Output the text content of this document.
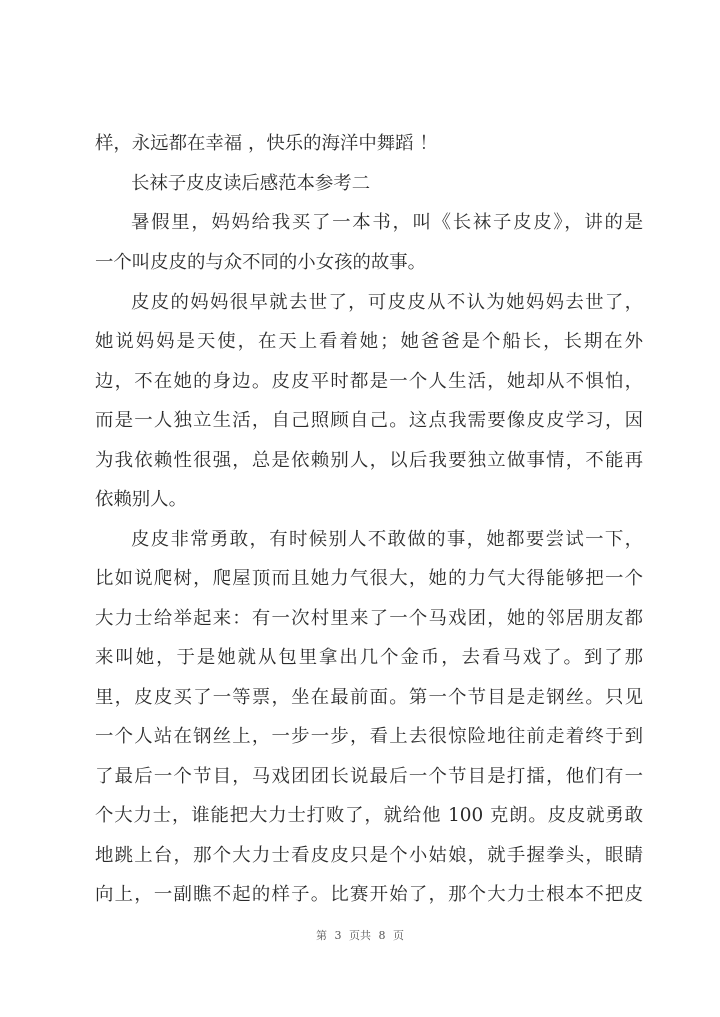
样，永远都在幸福 ，快乐的海洋中舞蹈 ！
长袜子皮皮读后感范本参考二
暑假里，妈妈给我买了一本书，叫《长袜子皮皮》，讲的是
一个叫皮皮的与众不同的小女孩的故事。
皮皮的妈妈很早就去世了，可皮皮从不认为她妈妈去世了，
她说妈妈是天使，在天上看着她；她爸爸是个船长，长期在外
边，不在她的身边。皮皮平时都是一个人生活，她却从不惧怕，
而是一人独立生活，自己照顾自己。这点我需要像皮皮学习，因
为我依赖性很强，总是依赖别人，以后我要独立做事情，不能再
依赖别人。
皮皮非常勇敢，有时候别人不敢做的事，她都要尝试一下，
比如说爬树，爬屋顶而且她力气很大，她的力气大得能够把一个
大力士给举起来：有一次村里来了一个马戏团，她的邻居朋友都
来叫她，于是她就从包里拿出几个金币，去看马戏了。到了那
里，皮皮买了一等票，坐在最前面。第一个节目是走钢丝。只见
一个人站在钢丝上，一步一步，看上去很惊险地往前走着终于到
了最后一个节目，马戏团团长说最后一个节目是打擂，他们有一
个大力士，谁能把大力士打败了，就给他 100 克朗。皮皮就勇敢
地跳上台，那个大力士看皮皮只是个小姑娘，就手握拳头，眼睛
向上，一副瞧不起的样子。比赛开始了，那个大力士根本不把皮
第 3 页共 8 页
